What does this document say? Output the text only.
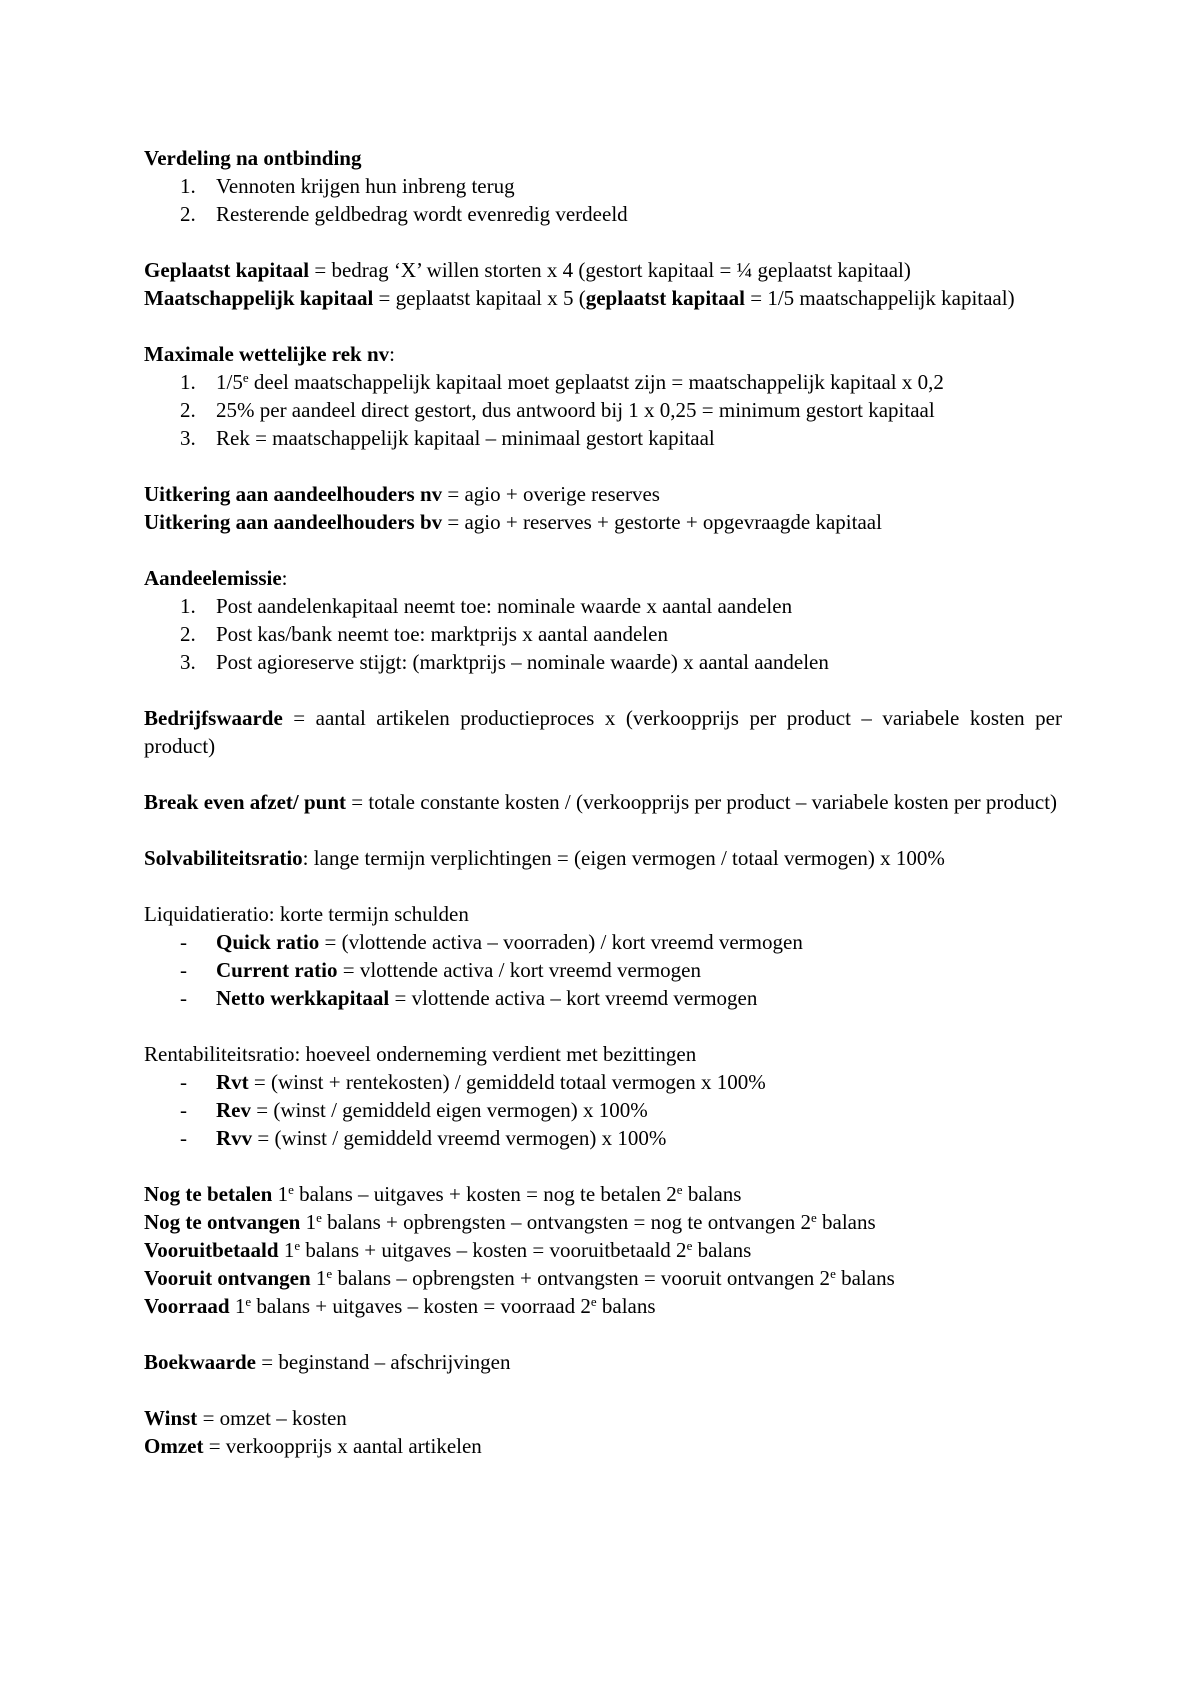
Verdeling na ontbinding
1. Vennoten krijgen hun inbreng terug
2. Resterende geldbedrag wordt evenredig verdeeld
Geplaatst kapitaal = bedrag ‘X’ willen storten x 4 (gestort kapitaal = ¼ geplaatst kapitaal)
Maatschappelijk kapitaal = geplaatst kapitaal x 5 (geplaatst kapitaal = 1/5 maatschappelijk kapitaal)
Maximale wettelijke rek nv:
1. 1/5e deel maatschappelijk kapitaal moet geplaatst zijn = maatschappelijk kapitaal x 0,2
2. 25% per aandeel direct gestort, dus antwoord bij 1 x 0,25 = minimum gestort kapitaal
3. Rek = maatschappelijk kapitaal – minimaal gestort kapitaal
Uitkering aan aandeelhouders nv = agio + overige reserves
Uitkering aan aandeelhouders bv = agio + reserves + gestorte + opgevraagde kapitaal
Aandeelemissie:
1. Post aandelenkapitaal neemt toe: nominale waarde x aantal aandelen
2. Post kas/bank neemt toe: marktprijs x aantal aandelen
3. Post agioreserve stijgt: (marktprijs – nominale waarde) x aantal aandelen
Bedrijfswaarde = aantal artikelen productieproces x (verkoopprijs per product – variabele kosten per product)
Break even afzet/ punt = totale constante kosten / (verkoopprijs per product – variabele kosten per product)
Solvabiliteitsratio: lange termijn verplichtingen = (eigen vermogen / totaal vermogen) x 100%
Liquidatieratio: korte termijn schulden
- Quick ratio = (vlottende activa – voorraden) / kort vreemd vermogen
- Current ratio = vlottende activa / kort vreemd vermogen
- Netto werkkapitaal = vlottende activa – kort vreemd vermogen
Rentabiliteitsratio: hoeveel onderneming verdient met bezittingen
- Rvt = (winst + rentekosten) / gemiddeld totaal vermogen x 100%
- Rev = (winst / gemiddeld eigen vermogen) x 100%
- Rvv = (winst / gemiddeld vreemd vermogen) x 100%
Nog te betalen 1e balans – uitgaves + kosten = nog te betalen 2e balans
Nog te ontvangen 1e balans + opbrengsten – ontvangsten = nog te ontvangen 2e balans
Vooruitbetaald 1e balans + uitgaves – kosten = vooruitbetaald 2e balans
Vooruit ontvangen 1e balans – opbrengsten + ontvangsten = vooruit ontvangen 2e balans
Voorraad 1e balans + uitgaves – kosten = voorraad 2e balans
Boekwaarde = beginstand – afschrijvingen
Winst = omzet – kosten
Omzet = verkoopprijs x aantal artikelen
